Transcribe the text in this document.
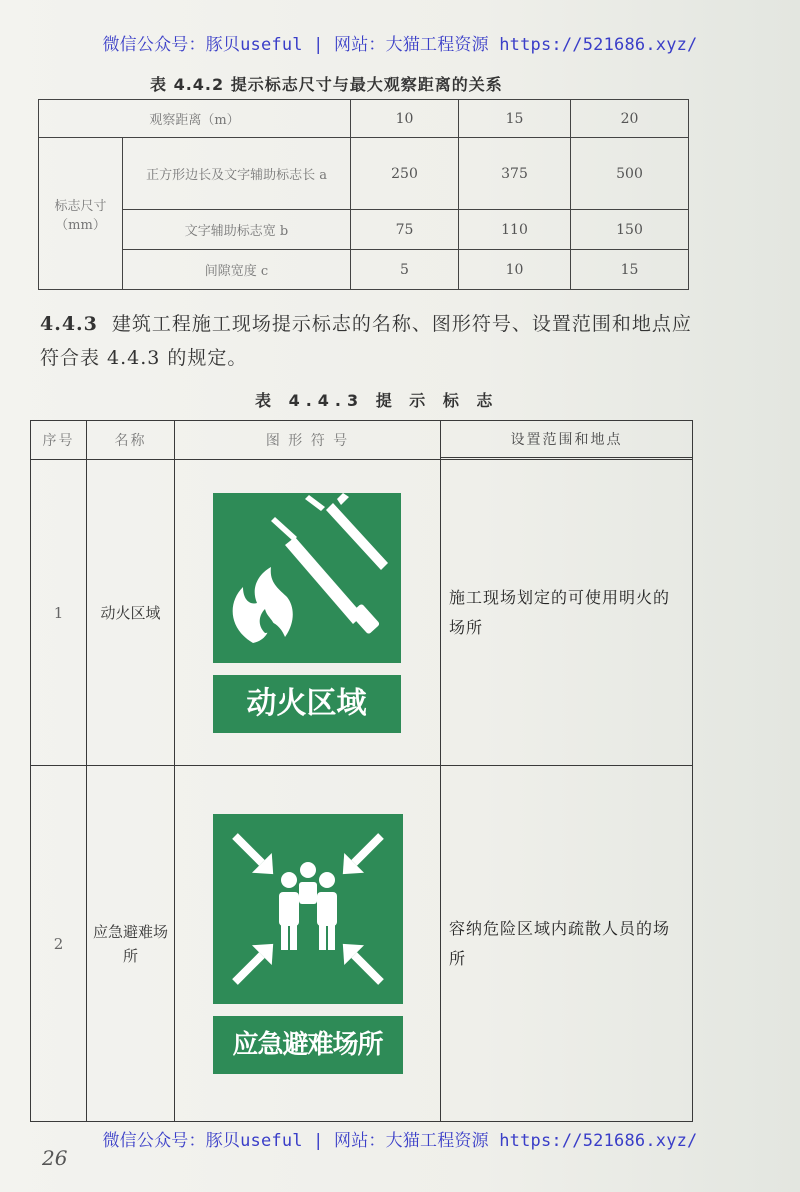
微信公众号：豚贝useful | 网站：大猫工程资源 https://521686.xyz/
表 4.4.2 提示标志尺寸与最大观察距离的关系
观察距离（m）		10	15	20
标志尺寸（mm）	正方形边长及文字辅助标志长 a	250	375	500
	文字辅助标志宽 b	75	110	150
	间隙宽度 c	5	10	15
4.4.3 建筑工程施工现场提示标志的名称、图形符号、设置范围和地点应符合表 4.4.3 的规定。
表 4.4.3 提 示 标 志
序号	名称	图 形 符 号	设置范围和地点

1	动火区域	动火区域	施工现场划定的可使用明火的场所
2	应急避难场所	应急避难场所	容纳危险区域内疏散人员的场所
微信公众号：豚贝useful | 网站：大猫工程资源 https://521686.xyz/
26
